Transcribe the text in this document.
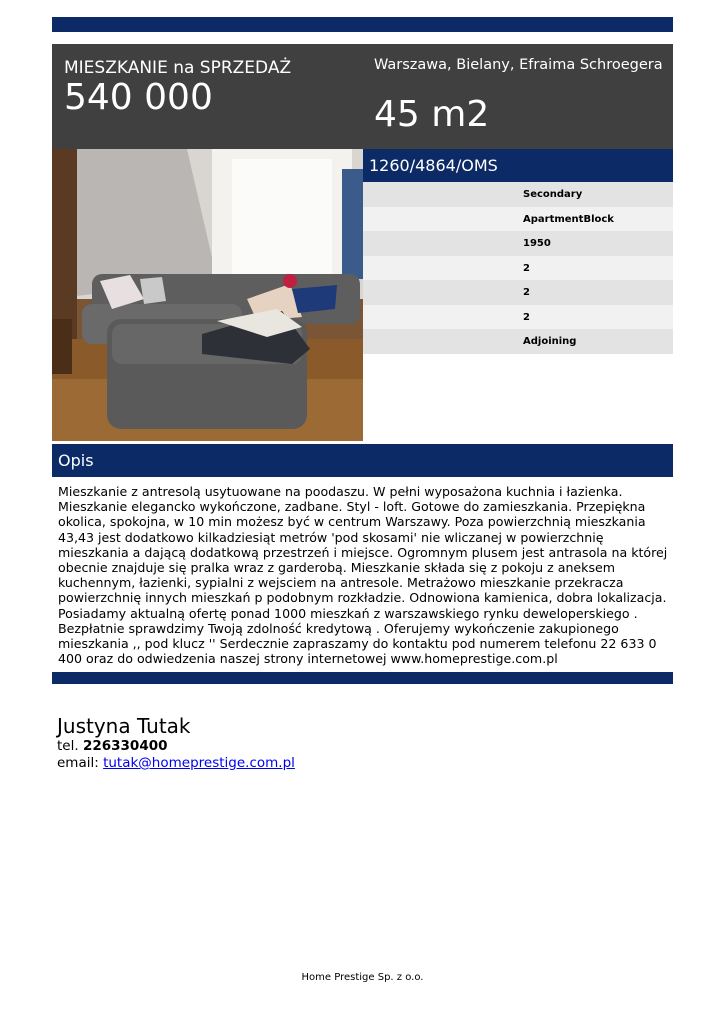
MIESZKANIE na SPRZEDAŻ
540 000
Warszawa, Bielany, Efraima Schroegera
45 m2
1260/4864/OMS
Secondary
ApartmentBlock
1950
2
2
2
Adjoining
Opis
Mieszkanie z antresolą usytuowane na poodaszu. W pełni wyposażona kuchnia i łazienka. Mieszkanie elegancko wykończone, zadbane. Styl - loft. Gotowe do zamieszkania. Przepiękna okolica, spokojna, w 10 min możesz być w centrum Warszawy. Poza powierzchnią mieszkania 43,43 jest dodatkowo kilkadziesiąt metrów 'pod skosami' nie wliczanej w powierzchnię mieszkania a dającą dodatkową przestrzeń i miejsce. Ogromnym plusem jest antrasola na której obecnie znajduje się pralka wraz z garderobą. Mieszkanie składa się z pokoju z aneksem kuchennym, łazienki, sypialni z wejsciem na antresole. Metrażowo mieszkanie przekracza powierzchnię innych mieszkań p podobnym rozkładzie. Odnowiona kamienica, dobra lokalizacja.
Posiadamy aktualną ofertę ponad 1000 mieszkań z warszawskiego rynku deweloperskiego . Bezpłatnie sprawdzimy Twoją zdolność kredytową . Oferujemy wykończenie zakupionego mieszkania ,, pod klucz '' Serdecznie zapraszamy do kontaktu pod numerem telefonu 22 633 0 400 oraz do odwiedzenia naszej strony internetowej www.homeprestige.com.pl
Justyna Tutak
tel. 226330400
email: tutak@homeprestige.com.pl
Home Prestige Sp. z o.o.
